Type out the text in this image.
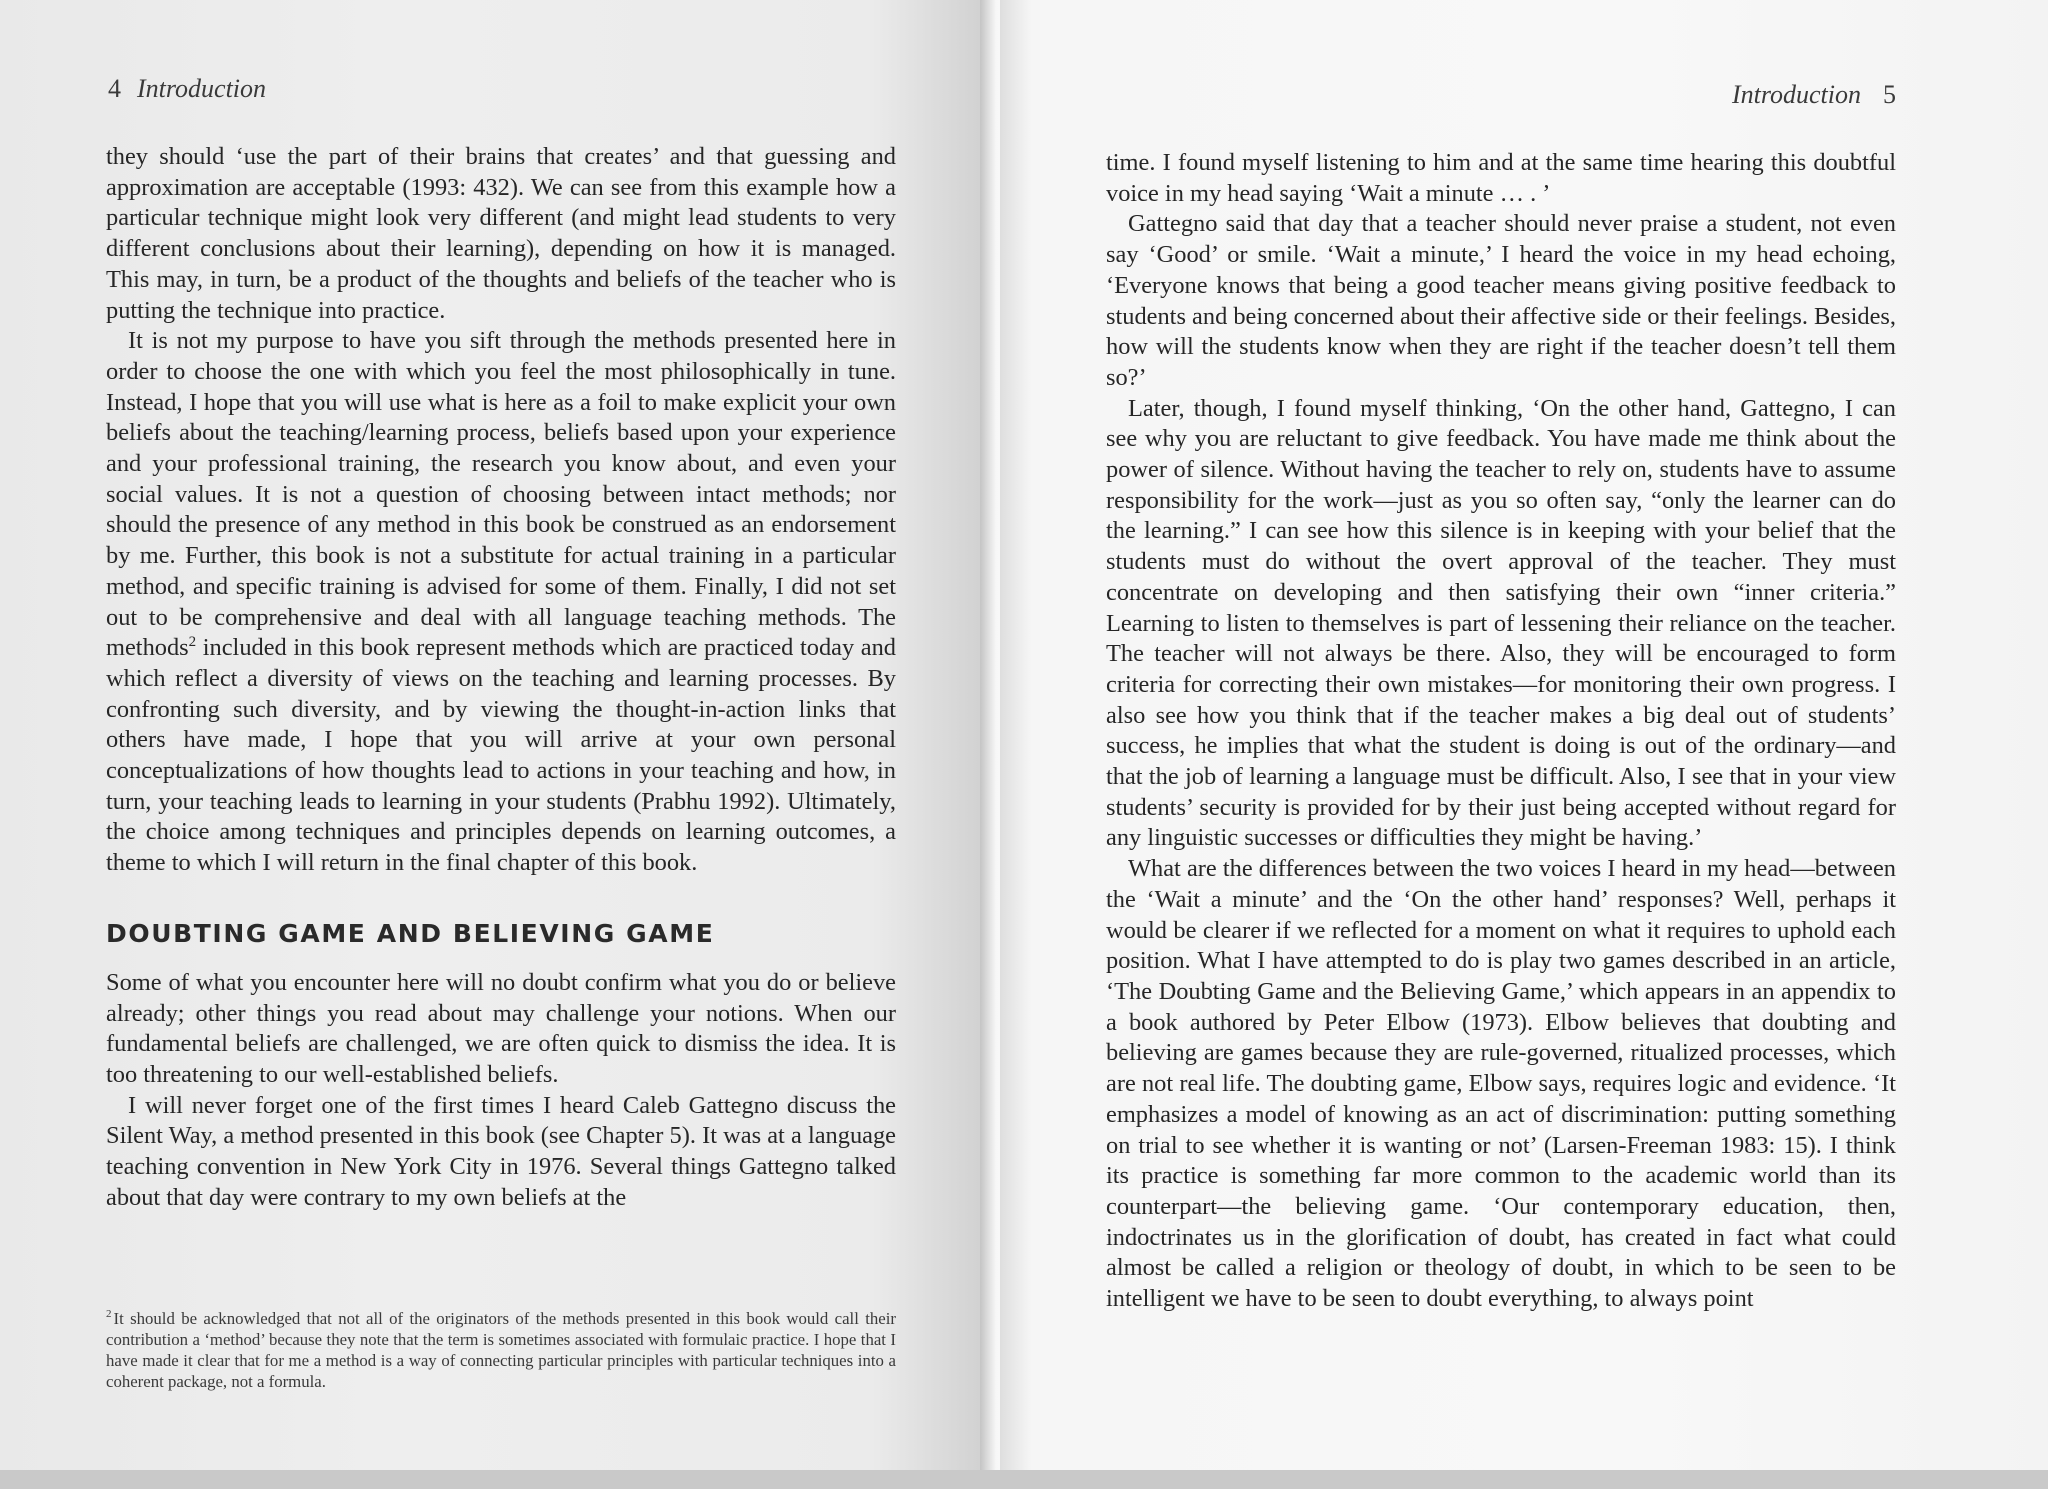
4 Introduction

they should ‘use the part of their brains that creates’ and that guessing and approximation are acceptable (1993: 432). We can see from this example how a particular technique might look very different (and might lead students to very different conclusions about their learning), depending on how it is managed. This may, in turn, be a product of the thoughts and beliefs of the teacher who is putting the technique into practice.

It is not my purpose to have you sift through the methods presented here in order to choose the one with which you feel the most philosophically in tune. Instead, I hope that you will use what is here as a foil to make explicit your own beliefs about the teaching/learning process, beliefs based upon your experience and your professional training, the research you know about, and even your social values. It is not a question of choosing between intact methods; nor should the presence of any method in this book be construed as an endorsement by me. Further, this book is not a substitute for actual training in a particular method, and specific training is advised for some of them. Finally, I did not set out to be comprehensive and deal with all language teaching methods. The methods$^2$ included in this book represent methods which are practiced today and which reflect a diversity of views on the teaching and learning processes. By confronting such diversity, and by viewing the thought-in-action links that others have made, I hope that you will arrive at your own personal conceptualizations of how thoughts lead to actions in your teaching and how, in turn, your teaching leads to learning in your students (Prabhu 1992). Ultimately, the choice among techniques and principles depends on learning outcomes, a theme to which I will return in the final chapter of this book.

DOUBTING GAME AND BELIEVING GAME

Some of what you encounter here will no doubt confirm what you do or believe already; other things you read about may challenge your notions. When our fundamental beliefs are challenged, we are often quick to dismiss the idea. It is too threatening to our well-established beliefs.

I will never forget one of the first times I heard Caleb Gattegno discuss the Silent Way, a method presented in this book (see Chapter 5). It was at a language teaching convention in New York City in 1976. Several things Gattegno talked about that day were contrary to my own beliefs at the

$^2$ It should be acknowledged that not all of the originators of the methods presented in this book would call their contribution a ‘method’ because they note that the term is sometimes associated with formulaic practice. I hope that I have made it clear that for me a method is a way of connecting particular principles with particular techniques into a coherent package, not a formula.
Introduction 5

time. I found myself listening to him and at the same time hearing this doubtful voice in my head saying ‘Wait a minute … . ’

Gattegno said that day that a teacher should never praise a student, not even say ‘Good’ or smile. ‘Wait a minute,’ I heard the voice in my head echoing, ‘Everyone knows that being a good teacher means giving positive feedback to students and being concerned about their affective side or their feelings. Besides, how will the students know when they are right if the teacher doesn’t tell them so?’

Later, though, I found myself thinking, ‘On the other hand, Gattegno, I can see why you are reluctant to give feedback. You have made me think about the power of silence. Without having the teacher to rely on, students have to assume responsibility for the work—just as you so often say, “only the learner can do the learning.” I can see how this silence is in keeping with your belief that the students must do without the overt approval of the teacher. They must concentrate on developing and then satisfying their own “inner criteria.” Learning to listen to themselves is part of lessening their reliance on the teacher. The teacher will not always be there. Also, they will be encouraged to form criteria for correcting their own mistakes—for monitoring their own progress. I also see how you think that if the teacher makes a big deal out of students’ success, he implies that what the student is doing is out of the ordinary—and that the job of learning a language must be difficult. Also, I see that in your view students’ security is provided for by their just being accepted without regard for any linguistic successes or difficulties they might be having.’

What are the differences between the two voices I heard in my head—between the ‘Wait a minute’ and the ‘On the other hand’ responses? Well, perhaps it would be clearer if we reflected for a moment on what it requires to uphold each position. What I have attempted to do is play two games described in an article, ‘The Doubting Game and the Believing Game,’ which appears in an appendix to a book authored by Peter Elbow (1973). Elbow believes that doubting and believing are games because they are rule-governed, ritualized processes, which are not real life. The doubting game, Elbow says, requires logic and evidence. ‘It emphasizes a model of knowing as an act of discrimination: putting something on trial to see whether it is wanting or not’ (Larsen-Freeman 1983: 15). I think its practice is something far more common to the academic world than its counterpart—the believing game. ‘Our contemporary education, then, indoctrinates us in the glorification of doubt, has created in fact what could almost be called a religion or theology of doubt, in which to be seen to be intelligent we have to be seen to doubt everything, to always point
